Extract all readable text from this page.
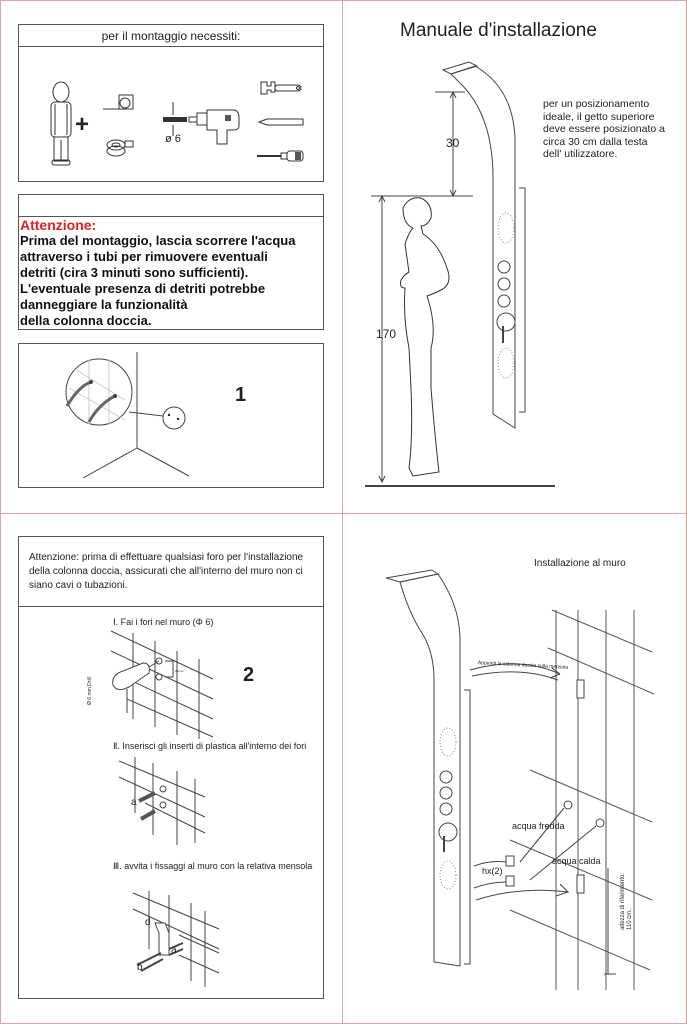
per il montaggio necessiti:
+
ø 6
Attenzione:
Prima del montaggio, lascia scorrere l'acqua
attraverso i tubi per rimuovere eventuali
detriti (cira 3 minuti sono sufficienti).
L'eventuale presenza di detriti potrebbe
danneggiare la funzionalità
della colonna doccia.
1
Manuale d'installazione
30
170
per un posizionamento
ideale, il getto superiore
deve essere posizionato a
circa 30 cm dalla testa
dell' utilizzatore.
Attenzione: prima di effettuare qualsiasi foro per l'installazione
della colonna doccia, assicurati che all'interno del muro non ci
siano cavi o tubazioni.
Ⅰ. Fai i fori nel muro (Φ 6)
20mm
Ø 6 mm Drill
2
Ⅱ. Inserisci gli inserti di plastica all'interno dei fori
a
Ⅲ. avvita i fissaggi al muro con la relativa mensola
d
a
b
Installazione al muro
Appendi la colonna doccia sulla mensola
acqua fredda
acqua calda
hx(2)
altezza di riferimento: 110 cm.
